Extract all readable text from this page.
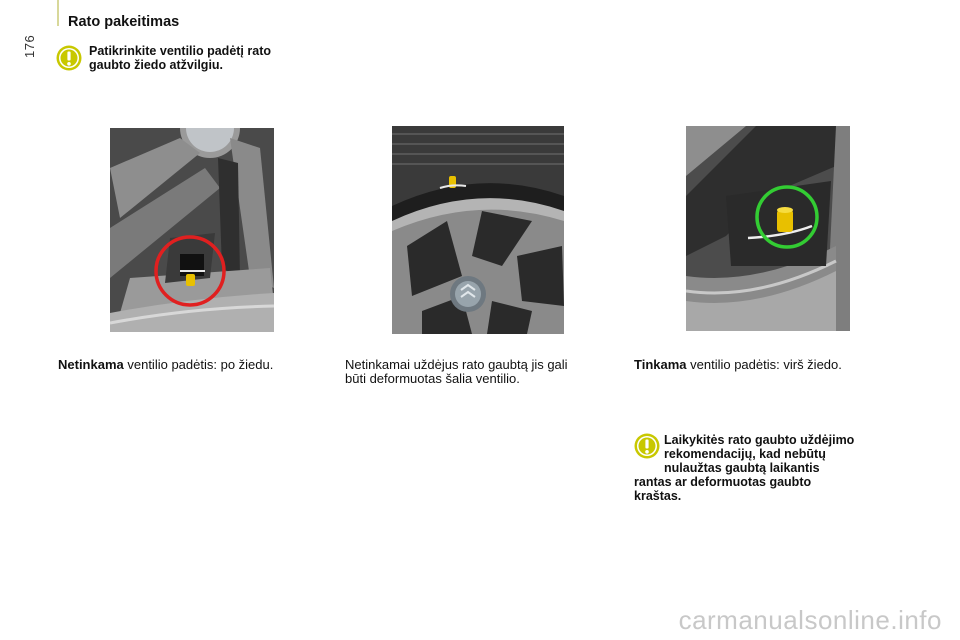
176
Rato pakeitimas
Patikrinkite ventilio padėtį rato
gaubto žiedo atžvilgiu.
Netinkama ventilio padėtis: po žiedu.	Netinkamai uždėjus rato gaubtą jis gali
būti deformuotas šalia ventilio.
Tinkama ventilio padėtis: virš žiedo.
Laikykitės rato gaubto uždėjimo
rekomendacijų, kad nebūtų
nulaužtas gaubtą laikantis
rantas ar deformuotas gaubto
kraštas.
carmanualsonline.info
